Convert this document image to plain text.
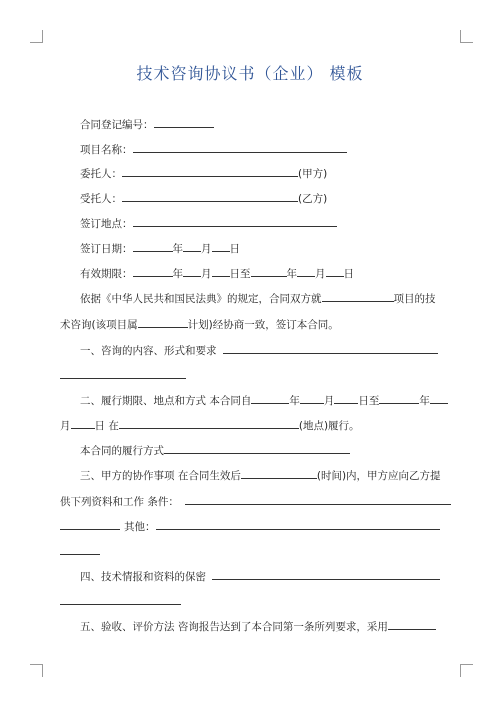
技术咨询协议书（企业） 模板
合同登记编号：
项目名称：
委托人：	(甲方)
受托人：	(乙方)
签订地点：
签订日期：	年 月 日
有效期限：	年 月 日至	年 月 日
依据《中华人民共和国民法典》的规定，合同双方就	项目的技
术咨询(该项目属	计划)经协商一致，签订本合同。
一、咨询的内容、形式和要求
二、履行期限、地点和方式 本合同自	年 月 日至	年
月 日 在	(地点)履行。
本合同的履行方式
三、甲方的协作事项 在合同生效后	(时间)内，甲方应向乙方提
供下列资料和工作 条件：
其他：
四、技术情报和资料的保密
五、验收、评价方法 咨询报告达到了本合同第一条所列要求，采用
